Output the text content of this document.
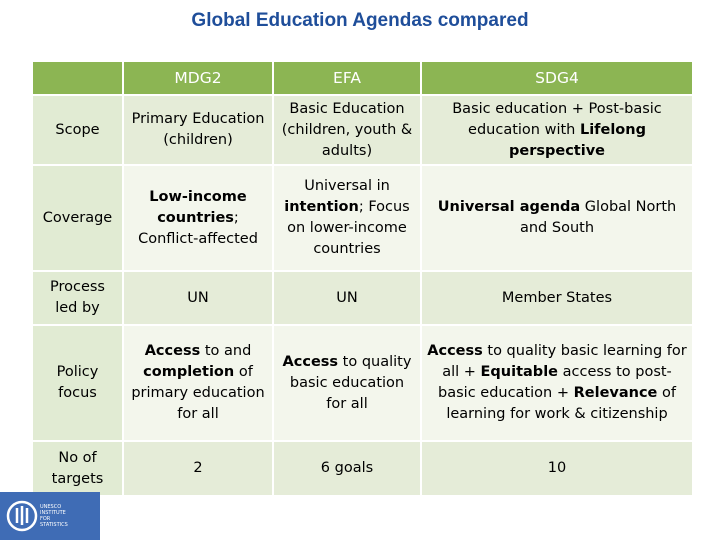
Global Education Agendas compared
	MDG2	EFA	SDG4
Scope	Primary Education (children)	Basic Education (children, youth & adults)	Basic education + Post-basic education with Lifelong perspective
Coverage	Low-income countries; Conflict-affected	Universal in intention; Focus on lower-income countries	Universal agenda Global North and South
Process led by	UN	UN	Member States
Policy focus	Access to and completion of primary education for all	Access to quality basic education for all	Access to quality basic learning for all + Equitable access to post-basic education + Relevance of learning for work & citizenship
No of targets	2	6 goals	10
UNESCO
INSTITUTE
FOR
STATISTICS
